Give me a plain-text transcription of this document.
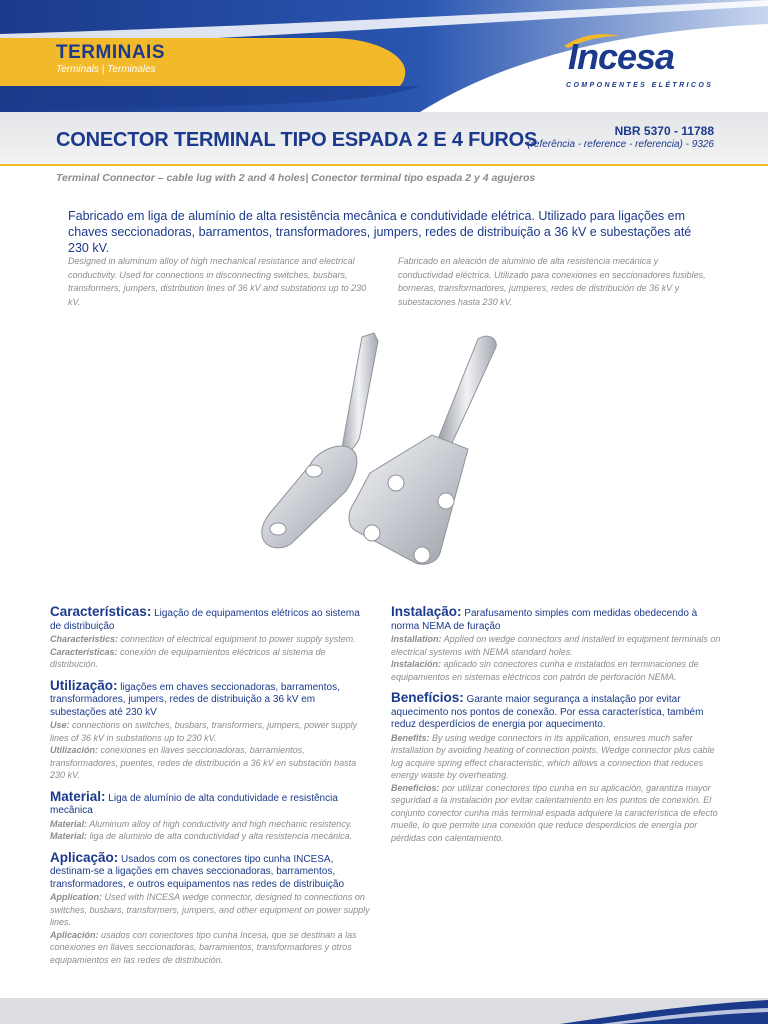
TERMINAIS
Terminals | Terminales	Incesa
COMPONENTES ELÉTRICOS
CONECTOR TERMINAL TIPO ESPADA 2 E 4 FUROS	NBR 5370 - 11788
(referência - reference - referencia) - 9326
Terminal Connector – cable lug with 2 and 4 holes| Conector terminal tipo espada 2 y 4 agujeros

Fabricado em liga de alumínio de alta resistência mecânica e condutividade elétrica. Utilizado para ligações em chaves seccionadoras, barramentos, transformadores, jumpers, redes de distribuição a 36 kV e subestações até 230 kV.

Designed in aluminum alloy of high mechanical resistance and electrical conductivity. Used for connections in disconnecting switches, busbars, transformers, jumpers, distribution lines of 36 kV and substations up to 230 kV.

Fabricado en aleación de aluminio de alta resistencia mecánica y conductividad eléctrica. Utilizado para conexiones en seccionadores fusibles, borneras, transformadores, jumperes, redes de distribución de 36 kV y subestaciones hasta 230 kV.

Características: Ligação de equipamentos elétricos ao sistema de distribuição
Characteristics: connection of electrical equipment to power supply system.
Características: conexión de equipamientos eléctricos al sistema de distribución.
Utilização: ligações em chaves seccionadoras, barramentos, transformadores, jumpers, redes de distribuição a 36 kV em subestações até 230 kV
Use: connections on switches, busbars, transformers, jumpers, power supply lines of 36 kV in substations up to 230 kV.
Utilización: conexiones en llaves seccionadoras, barramientos, transformadores, puentes, redes de distribución a 36 kV en substación hasta 230 kV.
Material: Liga de alumínio de alta condutividade e resistência mecânica
Material: Aluminum alloy of high conductivity and high mechanic resistency.
Material: liga de aluminio de alta conductividad y alta resistencia mecánica.
Aplicação: Usados com os conectores tipo cunha INCESA, destinam-se a ligações em chaves seccionadoras, barramentos, transformadores, e outros equipamentos nas redes de distribuição
Application: Used with INCESA wedge connector, designed to connections on switches, busbars, transformers, jumpers, and other equipment on power supply lines.
Aplicación: usados con conectores tipo cunha Incesa, que se destinan a las conexiones en llaves seccionadoras, barramientos, transformadores y otros equipamientos en las redes de distribución.
Instalação: Parafusamento simples com medidas obedecendo à norma NEMA de furação
Installation: Applied on wedge connectors and installed in equipment terminals on electrical systems with NEMA standard holes.
Instalación: aplicado sin conectores cunha e instalados en terminaciones de equipamientos en sistemas eléctricos con patrón de perforación NEMA.
Benefícios: Garante maior segurança a instalação por evitar aquecimento nos pontos de conexão. Por essa característica, também reduz desperdícios de energia por aquecimento.
Benefits: By using wedge connectors in its application, ensures much safer installation by avoiding heating of connection points. Wedge connector plus cable lug acquire spring effect characteristic, which allows a connection that reduces energy waste by overheating.
Beneficios: por utilizar conectores tipo cunha en su aplicación, garantiza mayor seguridad a la instalación por evitar calentamiento en los puntos de conexión. El conjunto conector cunha más terminal espada adquiere la característica de efecto muelle, lo que permite una conexión que reduce desperdicios de energía por pérdidas con calentamiento.
